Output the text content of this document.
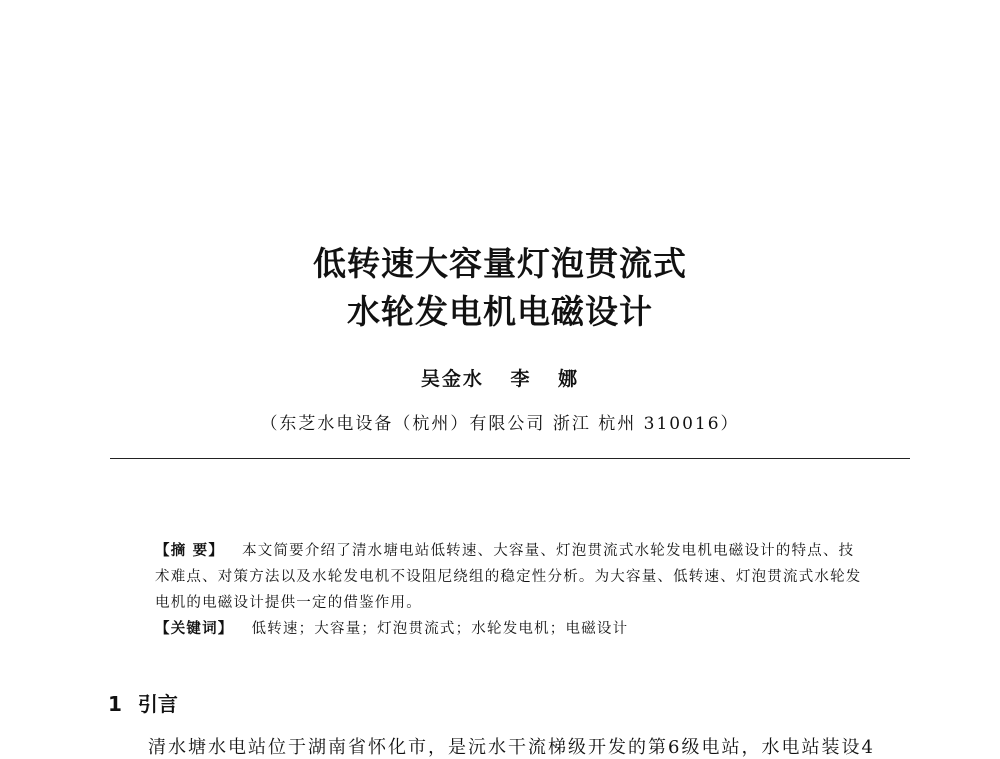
低转速大容量灯泡贯流式
水轮发电机电磁设计
吴金水 李 娜
（东芝水电设备（杭州）有限公司 浙江 杭州 310016）

【摘 要】 本文简要介绍了清水塘电站低转速、大容量、灯泡贯流式水轮发电机电磁设计的特点、技术难点、对策方法以及水轮发电机不设阻尼绕组的稳定性分析。为大容量、低转速、灯泡贯流式水轮发电机的电磁设计提供一定的借鉴作用。

【关键词】 低转速；大容量；灯泡贯流式；水轮发电机；电磁设计

1 引言
清水塘水电站位于湖南省怀化市，是沅水干流梯级开发的第6级电站，水电站装设4
